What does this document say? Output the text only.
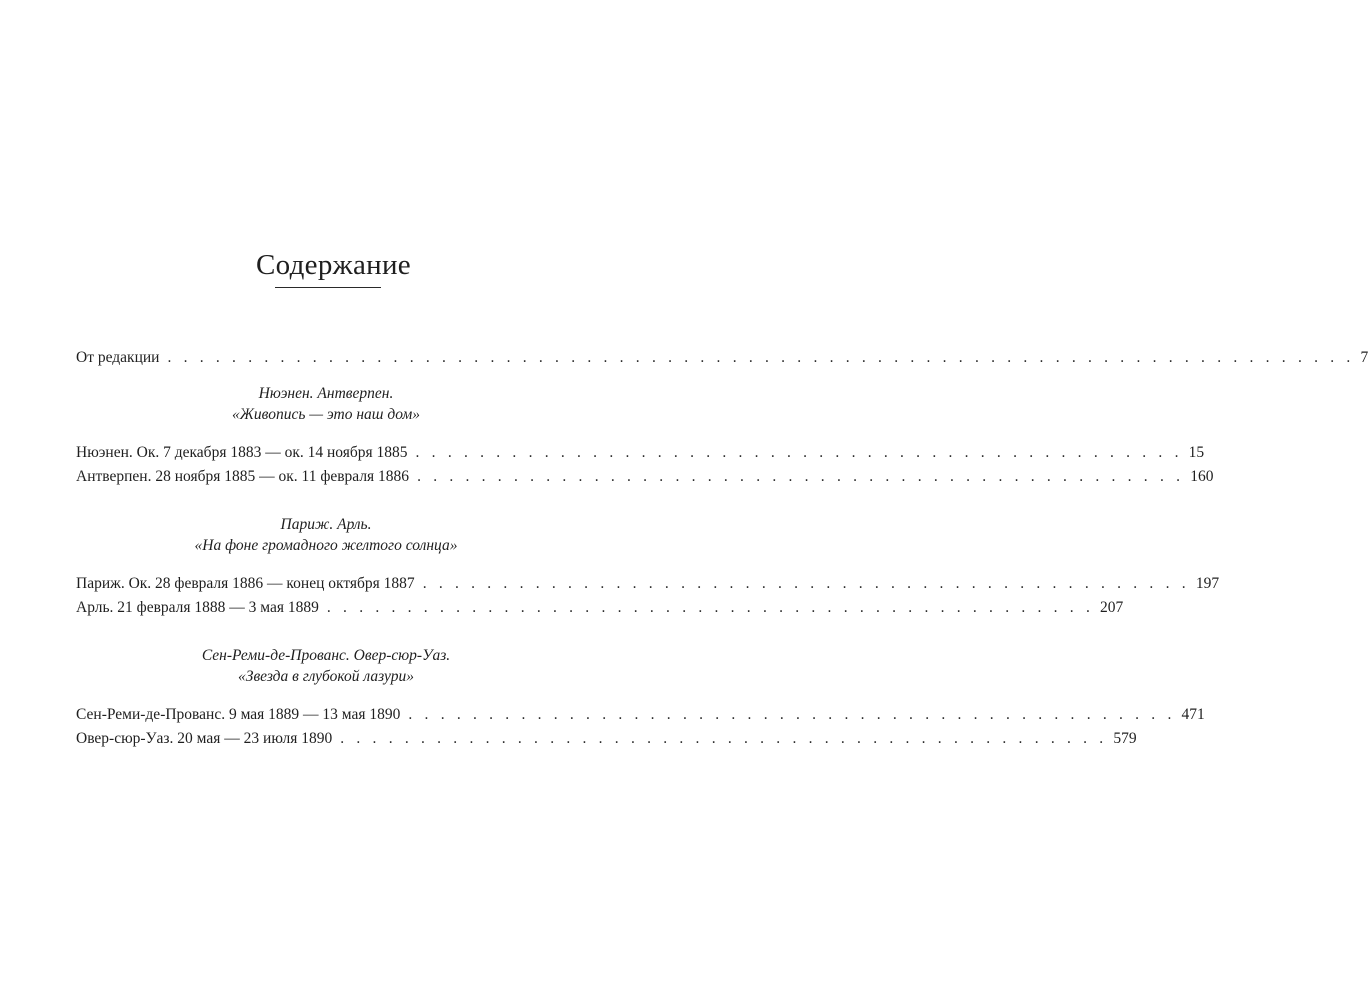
Содержание
От редакции . . . . . . . . . . . . . . . . . . . . . . . . . . . . . . . . . . . . . . . . . . . . . . . . . . . . . . . . . . . . . . . . . . . . . . . . . . 7
Нюэнен. Антверпен.
«Живопись — это наш дом»
Нюэнен. Ок. 7 декабря 1883 — ок. 14 ноября 1885 . . . . . . . . . . . . . . . . . . . . . . . . . . . . . . . . . . . . . . . . . . . . . . . . 15
Антверпен. 28 ноября 1885 — ок. 11 февраля 1886 . . . . . . . . . . . . . . . . . . . . . . . . . . . . . . . . . . . . . . . . . . . . . . . . 160
Париж. Арль.
«На фоне громадного желтого солнца»
Париж. Ок. 28 февраля 1886 — конец октября 1887 . . . . . . . . . . . . . . . . . . . . . . . . . . . . . . . . . . . . . . . . . . . . . . . . 197
Арль. 21 февраля 1888 — 3 мая 1889 . . . . . . . . . . . . . . . . . . . . . . . . . . . . . . . . . . . . . . . . . . . . . . . . 207
Сен-Реми-де-Прованс. Овер-сюр-Уаз.
«Звезда в глубокой лазури»
Сен-Реми-де-Прованс. 9 мая 1889 — 13 мая 1890 . . . . . . . . . . . . . . . . . . . . . . . . . . . . . . . . . . . . . . . . . . . . . . . . 471
Овер-сюр-Уаз. 20 мая — 23 июля 1890 . . . . . . . . . . . . . . . . . . . . . . . . . . . . . . . . . . . . . . . . . . . . . . . . 579
